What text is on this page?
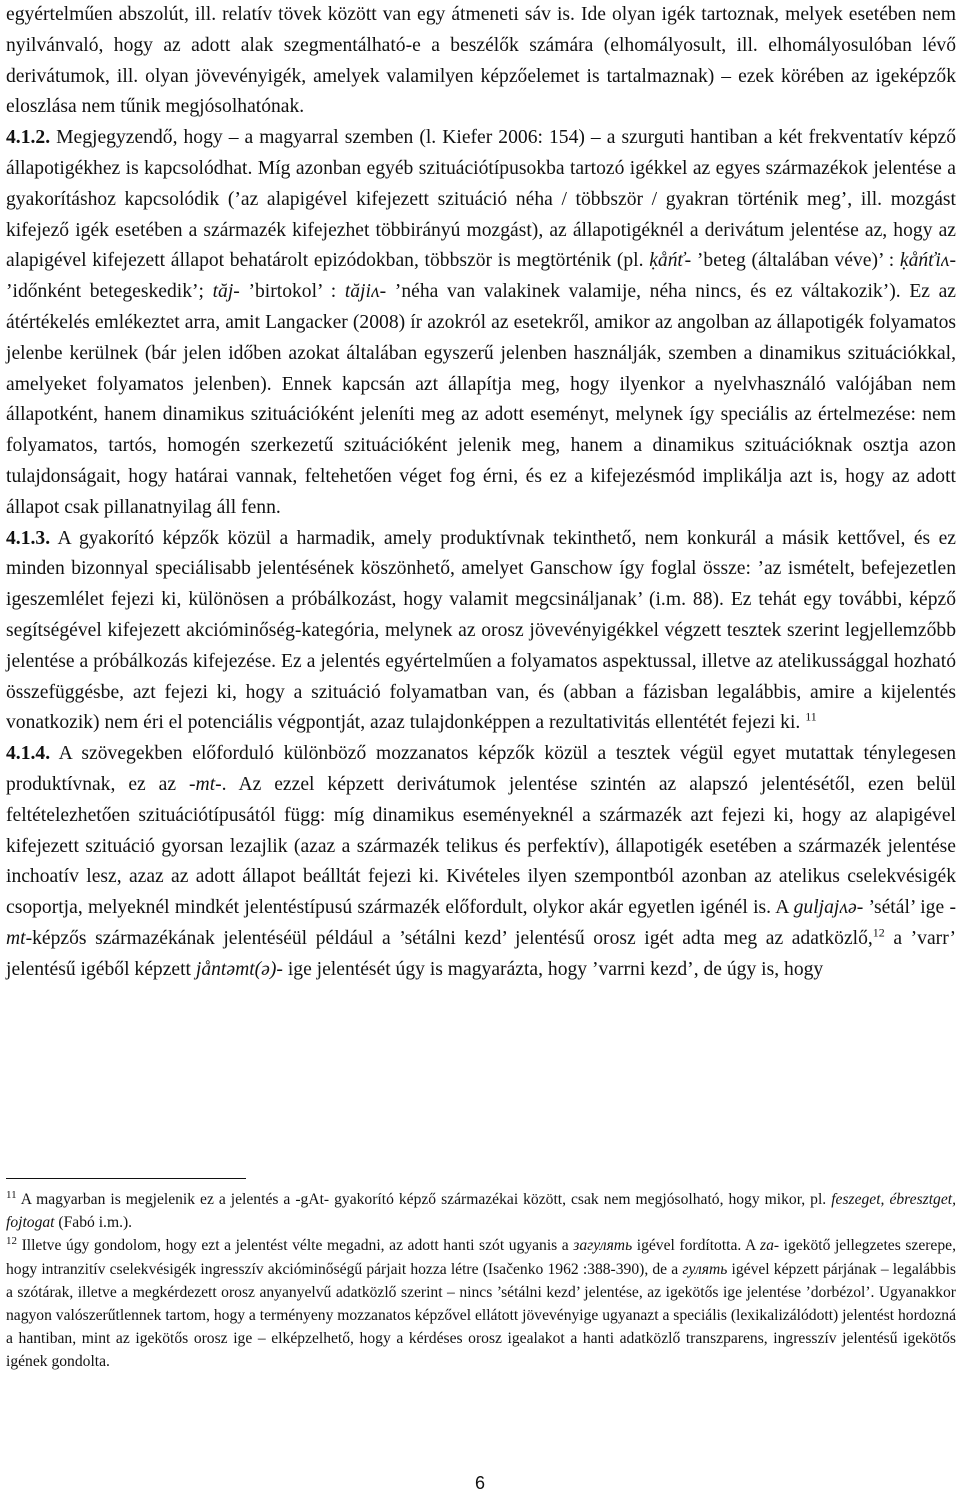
egyértelműen abszolút, ill. relatív tövek között van egy átmeneti sáv is. Ide olyan igék tartoznak, melyek esetében nem nyilvánvaló, hogy az adott alak szegmentálható-e a beszélők számára (elhomályosult, ill. elhomályosulóban lévő derivátumok, ill. olyan jövevényigék, amelyek valamilyen képzőelemet is tartalmaznak) – ezek körében az igeképzők eloszlása nem tűnik megjósolhatónak.

4.1.2. Megjegyzendő, hogy – a magyarral szemben (l. Kiefer 2006: 154) – a szurguti hantiban a két frekventatív képző állapotigékhez is kapcsolódhat. Míg azonban egyéb szituációtípusokba tartozó igékkel az egyes származékok jelentése a gyakorításhoz kapcsolódik (’az alapigével kifejezett szituáció néha / többször / gyakran történik meg’, ill. mozgást kifejező igék esetében a származék kifejezhet többirányú mozgást), az állapotigéknél a derivátum jelentése az, hogy az alapigével kifejezett állapot behatárolt epizódokban, többször is megtörténik (pl. ḳåńť- ’beteg (általában véve)’ : ḳåńťiʌ- ’időnként betegeskedik’; tăj- ’birtokol’ : tăjiʌ- ’néha van valakinek valamije, néha nincs, és ez váltakozik’). Ez az átértékelés emlékeztet arra, amit Langacker (2008) ír azokról az esetekről, amikor az angolban az állapotigék folyamatos jelenbe kerülnek (bár jelen időben azokat általában egyszerű jelenben használják, szemben a dinamikus szituációkkal, amelyeket folyamatos jelenben). Ennek kapcsán azt állapítja meg, hogy ilyenkor a nyelvhasználó valójában nem állapotként, hanem dinamikus szituációként jeleníti meg az adott eseményt, melynek így speciális az értelmezése: nem folyamatos, tartós, homogén szerkezetű szituációként jelenik meg, hanem a dinamikus szituációknak osztja azon tulajdonságait, hogy határai vannak, feltehetően véget fog érni, és ez a kifejezésmód implikálja azt is, hogy az adott állapot csak pillanatnyilag áll fenn.

4.1.3. A gyakorító képzők közül a harmadik, amely produktívnak tekinthető, nem konkurál a másik kettővel, és ez minden bizonnyal speciálisabb jelentésének köszönhető, amelyet Ganschow így foglal össze: ’az ismételt, befejezetlen igeszemlélet fejezi ki, különösen a próbálkozást, hogy valamit megcsináljanak’ (i.m. 88). Ez tehát egy további, képző segítségével kifejezett akcióminőség-kategória, melynek az orosz jövevényigékkel végzett tesztek szerint legjellemzőbb jelentése a próbálkozás kifejezése. Ez a jelentés egyértelműen a folyamatos aspektussal, illetve az atelikussággal hozható összefüggésbe, azt fejezi ki, hogy a szituáció folyamatban van, és (abban a fázisban legalábbis, amire a kijelentés vonatkozik) nem éri el potenciális végpontját, azaz tulajdonképpen a rezultativitás ellentétét fejezi ki. $^{11}$

4.1.4. A szövegekben előforduló különböző mozzanatos képzők közül a tesztek végül egyet mutattak ténylegesen produktívnak, ez az -mt-. Az ezzel képzett derivátumok jelentése szintén az alapszó jelentésétől, ezen belül feltételezhetően szituációtípusától függ: míg dinamikus eseményeknél a származék azt fejezi ki, hogy az alapigével kifejezett szituáció gyorsan lezajlik (azaz a származék telikus és perfektív), állapotigék esetében a származék jelentése inchoatív lesz, azaz az adott állapot beálltát fejezi ki. Kivételes ilyen szempontból azonban az atelikus cselekvésigék csoportja, melyeknél mindkét jelentéstípusú származék előfordult, olykor akár egyetlen igénél is. A guljajʌə- ’sétál’ ige -mt-képzős származékának jelentéséül például a ’sétálni kezd’ jelentésű orosz igét adta meg az adatközlő,$^{12}$ a ’varr’ jelentésű igéből képzett jåntəmt(ə)- ige jelentését úgy is magyarázta, hogy ’varrni kezd’, de úgy is, hogy

$^{11}$ A magyarban is megjelenik ez a jelentés a -gAt- gyakorító képző származékai között, csak nem megjósolható, hogy mikor, pl. feszeget, ébresztget, fojtogat (Fabó i.m.).

$^{12}$ Illetve úgy gondolom, hogy ezt a jelentést vélte megadni, az adott hanti szót ugyanis a загулять igével fordította. A za- igekötő jellegzetes szerepe, hogy intranzitív cselekvésigék ingresszív akcióminőségű párjait hozza létre (Isačenko 1962 :388-390), de a гулять igével képzett párjának – legalábbis a szótárak, illetve a megkérdezett orosz anyanyelvű adatközlő szerint – nincs ’sétálni kezd’ jelentése, az igekötős ige jelentése ’dorbézol’. Ugyanakkor nagyon valószerűtlennek tartom, hogy a terményeny mozzanatos képzővel ellátott jövevényige ugyanazt a speciális (lexikalizálódott) jelentést hordozná a hantiban, mint az igekötős orosz ige – elképzelhető, hogy a kérdéses orosz igealakot a hanti adatközlő transzparens, ingresszív jelentésű igekötős igének gondolta.

6
